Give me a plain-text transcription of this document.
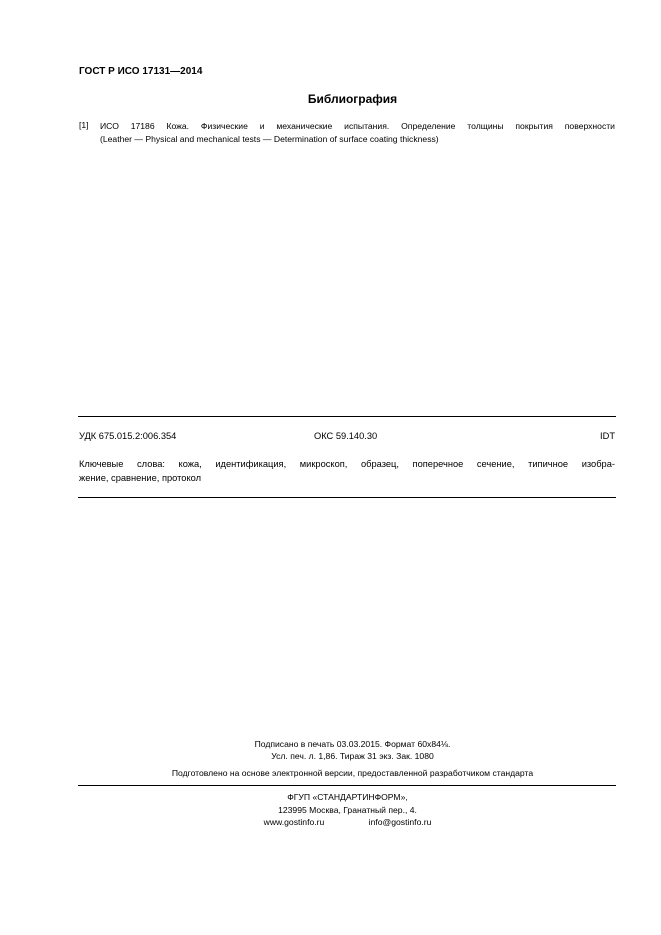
ГОСТ Р ИСО 17131—2014
Библиография
[1] ИСО 17186 Кожа. Физические и механические испытания. Определение толщины покрытия поверхности
(Leather — Physical and mechanical tests — Determination of surface coating thickness)
УДК 675.015.2:006.354	ОКС 59.140.30	IDT
Ключевые слова: кожа, идентификация, микроскоп, образец, поперечное сечение, типичное изобра-
жение, сравнение, протокол
Подписано в печать 03.03.2015. Формат 60х84⅛.
Усл. печ. л. 1,86. Тираж 31 экз. Зак. 1080
Подготовлено на основе электронной версии, предоставленной разработчиком стандарта
ФГУП «СТАНДАРТИНФОРМ»,
123995 Москва, Гранатный пер., 4.
www.gostinfo.ru	info@gostinfo.ru
